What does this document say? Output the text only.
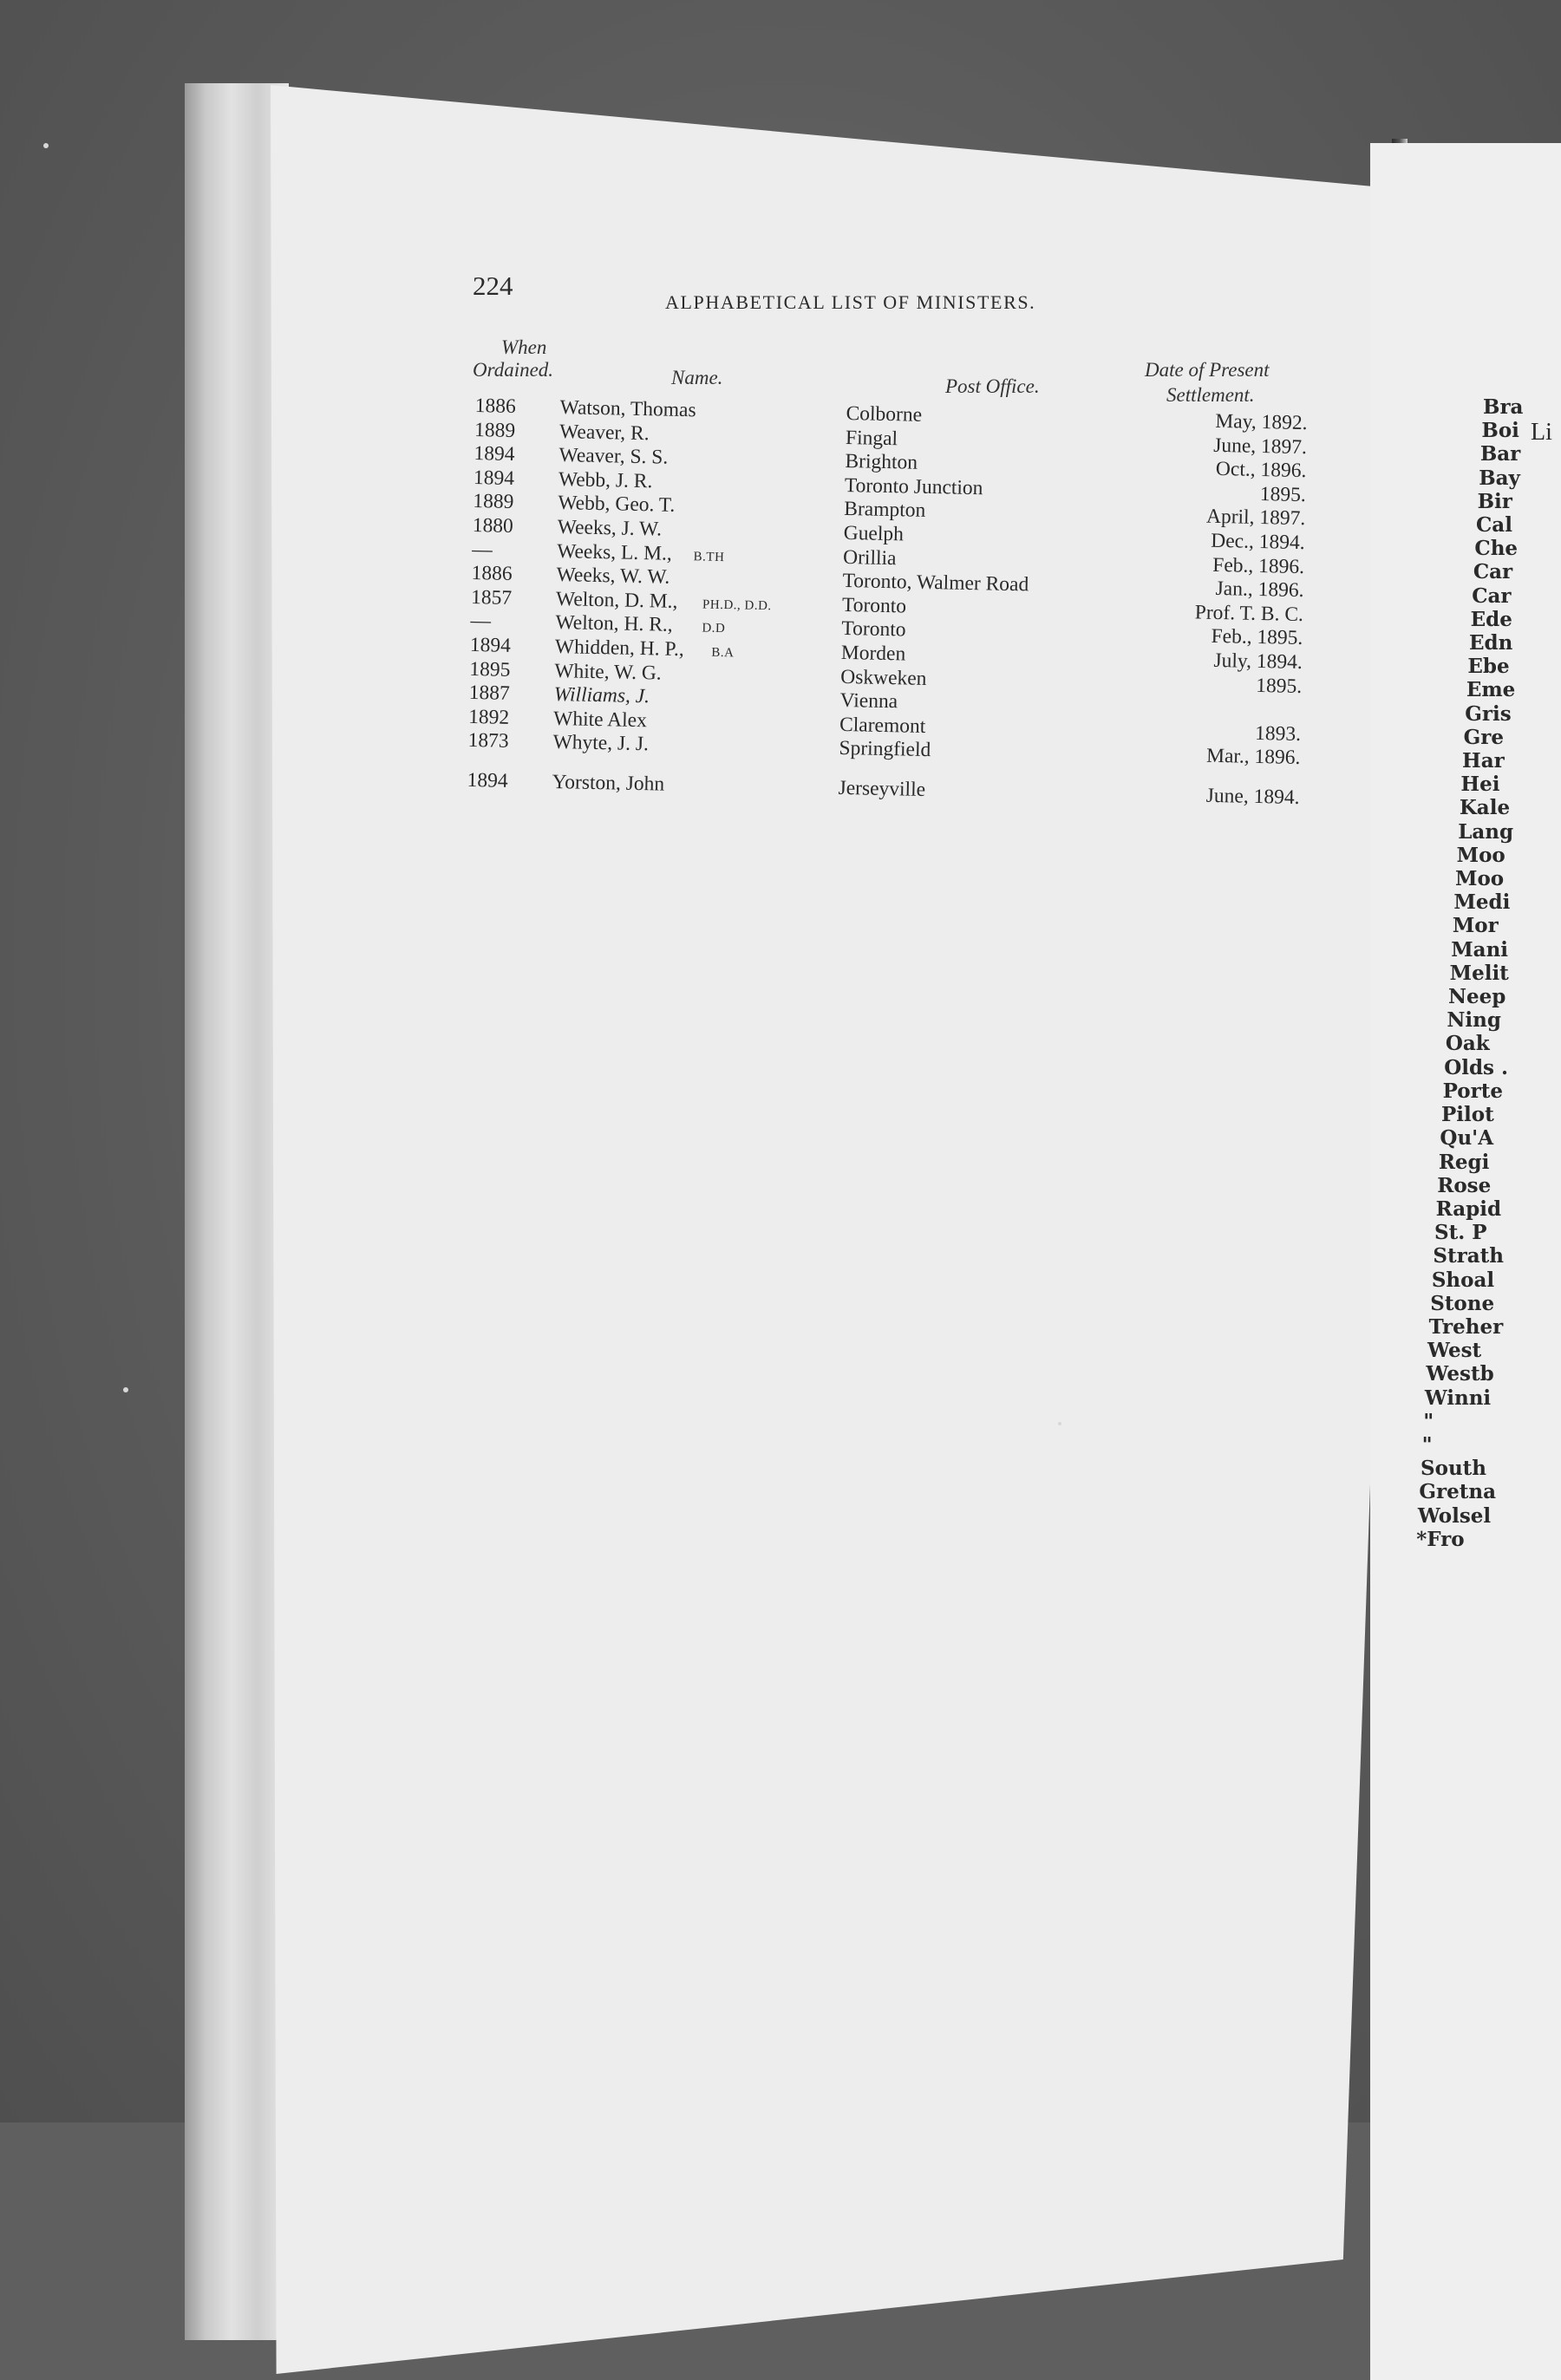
224
ALPHABETICAL LIST OF MINISTERS.
When
Ordained.	Name.	Post Office.
Date of Present
Settlement.
1886 Watson, Thomas	Colborne	May, 1892.
1889 Weaver, R.	Fingal	June, 1897.
1894 Weaver, S. S.	Brighton	Oct., 1896.
1894 Webb, J. R.	Toronto Junction	1895.
1889 Webb, Geo. T.	Brampton	April, 1897.
1880 Weeks, J. W.	Guelph	Dec., 1894.
—	Weeks, L. M., B.TH	Orillia	Feb., 1896.
1886 Weeks, W. W.	Toronto, Walmer Road	Jan., 1896.
1857 Welton, D. M., PH.D., D.D.	Toronto	Prof. T. B. C.
—	Welton, H. R., D.D	Toronto	Feb., 1895.
1894 Whidden, H. P., B.A	Morden	July, 1894.
1895 White, W. G.	Oskweken	1895.
1887 Williams, J.	Vienna
1892 White Alex	Claremont	1893.
1873 Whyte, J. J.	Springfield	Mar., 1896.
1894 Yorston, John	Jerseyville	June, 1894.
Li
Bra
Boi
Bar
Bay
Bir
Cal
Che
Car
Car
Ede
Edn
Ebe
Eme
Gris
Gre
Har
Hei
Kale
Lang
Moo
Moo
Medi
Mor
Mani
Melit
Neep
Ning
Oak
Olds .
Porte
Pilot
Qu'A
Regi
Rose
Rapid
St. P
Strath
Shoal
Stone
Treher
West
Westb
Winni
"
"
South
Gretna
Wolsel
*Fro
